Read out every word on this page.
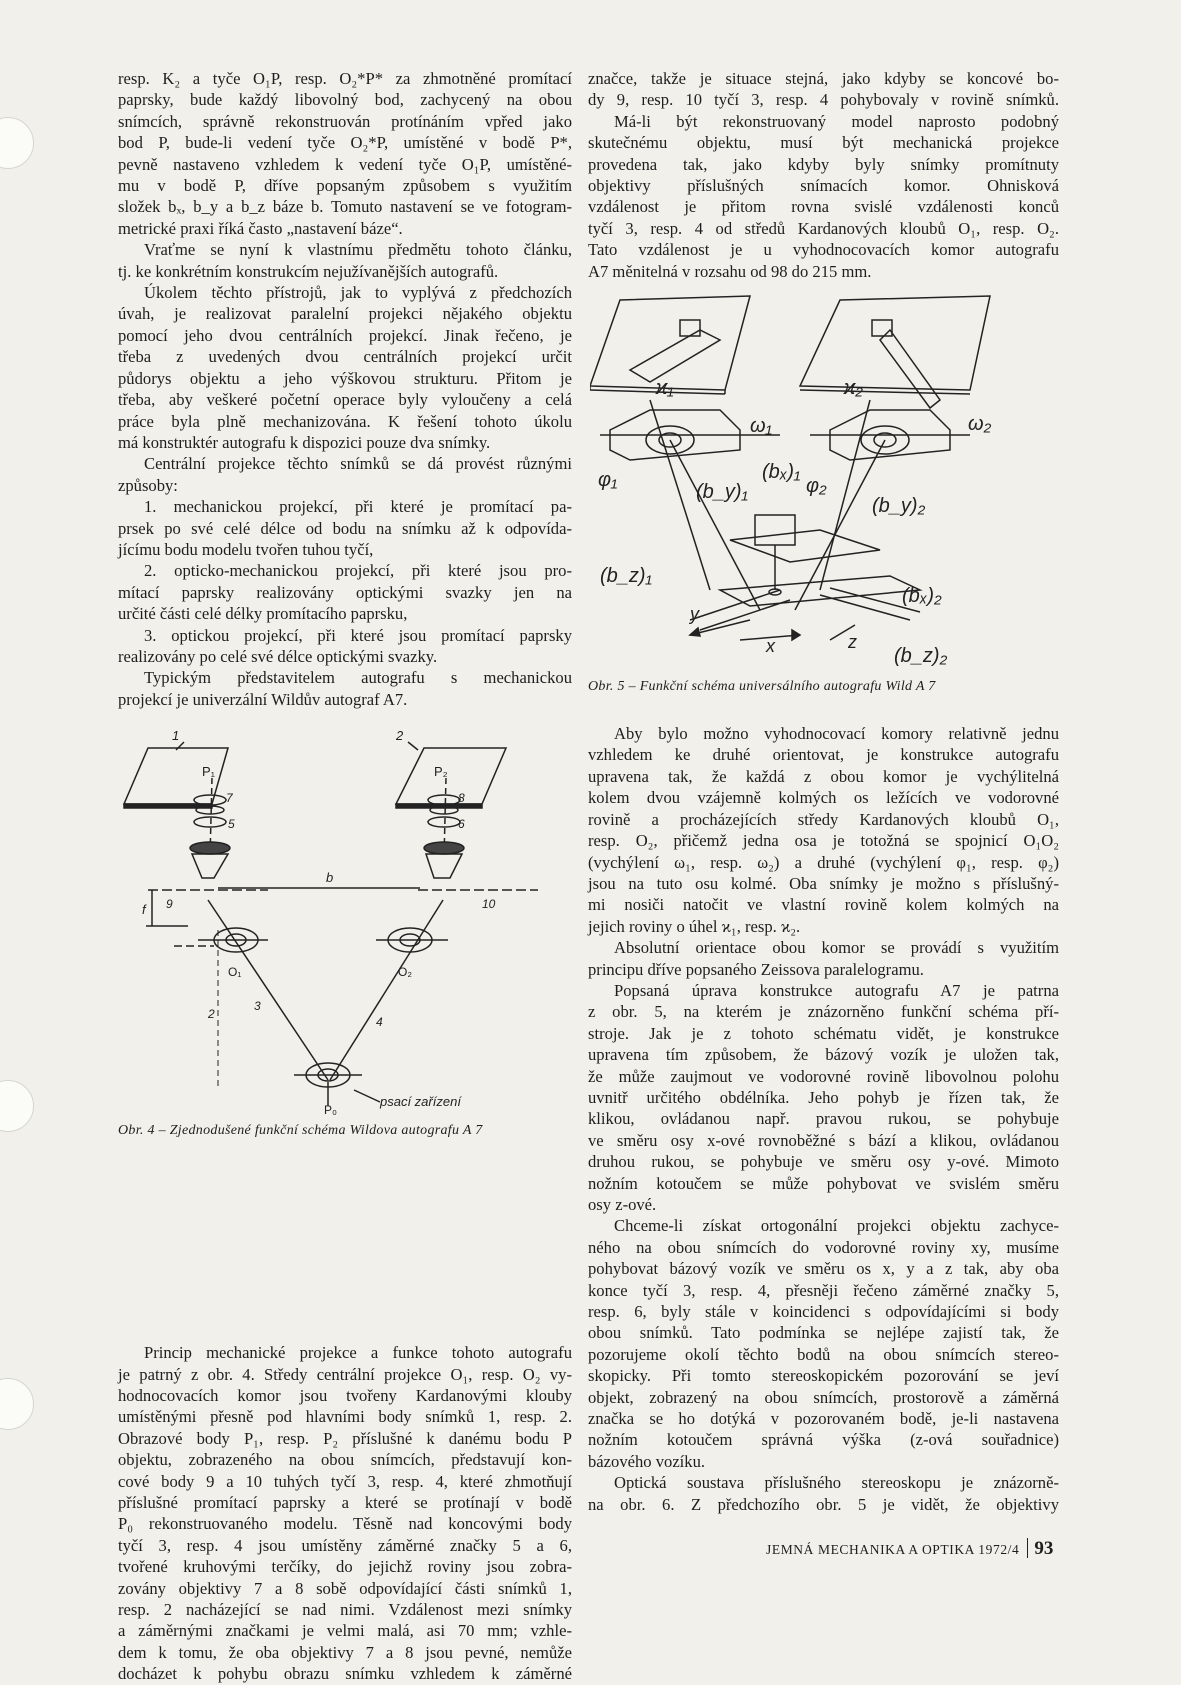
resp. K₂ a tyče O₁P, resp. O₂*P* za zhmotněné promítací
paprsky, bude každý libovolný bod, zachycený na obou
snímcích, správně rekonstruován protínáním vpřed jako
bod P, bude-li vedení tyče O₂*P, umístěné v bodě P*,
pevně nastaveno vzhledem k vedení tyče O₁P, umístěné-
mu v bodě P, dříve popsaným způsobem s využitím
složek bₓ, b_y a b_z báze b. Tomuto nastavení se ve fotogram-
metrické praxi říká často „nastavení báze“.
Vraťme se nyní k vlastnímu předmětu tohoto článku,
tj. ke konkrétním konstrukcím nejužívanějších autografů.
Úkolem těchto přístrojů, jak to vyplývá z předchozích
úvah, je realizovat paralelní projekci nějakého objektu
pomocí jeho dvou centrálních projekcí. Jinak řečeno, je
třeba z uvedených dvou centrálních projekcí určit
půdorys objektu a jeho výškovou strukturu. Přitom je
třeba, aby veškeré početní operace byly vyloučeny a celá
práce byla plně mechanizována. K řešení tohoto úkolu
má konstruktér autografu k dispozici pouze dva snímky.
Centrální projekce těchto snímků se dá provést různými
způsoby:
1. mechanickou projekcí, při které je promítací pa-
prsek po své celé délce od bodu na snímku až k odpovída-
jícímu bodu modelu tvořen tuhou tyčí,
2. opticko-mechanickou projekcí, při které jsou pro-
mítací paprsky realizovány optickými svazky jen na
určité části celé délky promítacího paprsku,
3. optickou projekcí, při které jsou promítací paprsky
realizovány po celé své délce optickými svazky.
Typickým představitelem autografu s mechanickou
projekcí je univerzální Wildův autograf A7.

Princip mechanické projekce a funkce tohoto autografu
je patrný z obr. 4. Středy centrální projekce O₁, resp. O₂ vy-
hodnocovacích komor jsou tvořeny Kardanovými klouby
umístěnými přesně pod hlavními body snímků 1, resp. 2.
Obrazové body P₁, resp. P₂ příslušné k danému bodu P
objektu, zobrazeného na obou snímcích, představují kon-
cové body 9 a 10 tuhých tyčí 3, resp. 4, které zhmotňují
příslušné promítací paprsky a které se protínají v bodě
P₀ rekonstruovaného modelu. Těsně nad koncovými body
tyčí 3, resp. 4 jsou umístěny záměrné značky 5 a 6,
tvořené kruhovými terčíky, do jejichž roviny jsou zobra-
zovány objektivy 7 a 8 sobě odpovídající části snímků 1,
resp. 2 nacházející se nad nimi. Vzdálenost mezi snímky
a záměrnými značkami je velmi malá, asi 70 mm; vzhle-
dem k tomu, že oba objektivy 7 a 8 jsou pevné, nemůže
docházet k pohybu obrazu snímku vzhledem k záměrné

značce, takže je situace stejná, jako kdyby se koncové bo-
dy 9, resp. 10 tyčí 3, resp. 4 pohybovaly v rovině snímků.
Má-li být rekonstruovaný model naprosto podobný
skutečnému objektu, musí být mechanická projekce
provedena tak, jako kdyby byly snímky promítnuty
objektivy příslušných snímacích komor. Ohnisková
vzdálenost je přitom rovna svislé vzdálenosti konců
tyčí 3, resp. 4 od středů Kardanových kloubů O₁, resp. O₂.
Tato vzdálenost je u vyhodnocovacích komor autografu
A7 měnitelná v rozsahu od 98 do 215 mm.

Aby bylo možno vyhodnocovací komory relativně jednu
vzhledem ke druhé orientovat, je konstrukce autografu
upravena tak, že každá z obou komor je vychýlitelná
kolem dvou vzájemně kolmých os ležících ve vodorovné
rovině a procházejících středy Kardanových kloubů O₁,
resp. O₂, přičemž jedna osa je totožná se spojnicí O₁O₂
(vychýlení ω₁, resp. ω₂) a druhé (vychýlení φ₁, resp. φ₂)
jsou na tuto osu kolmé. Oba snímky je možno s příslušný-
mi nosiči natočit ve vlastní rovině kolem kolmých na
jejich roviny o úhel ϰ₁, resp. ϰ₂.
Absolutní orientace obou komor se provádí s využitím
principu dříve popsaného Zeissova paralelogramu.
Popsaná úprava konstrukce autografu A7 je patrna
z obr. 5, na kterém je znázorněno funkční schéma pří-
stroje. Jak je z tohoto schématu vidět, je konstrukce
upravena tím způsobem, že bázový vozík je uložen tak,
že může zaujmout ve vodorovné rovině libovolnou polohu
uvnitř určitého obdélníka. Jeho pohyb je řízen tak, že
klikou, ovládanou např. pravou rukou, se pohybuje
ve směru osy x-ové rovnoběžné s bází a klikou, ovládanou
druhou rukou, se pohybuje ve směru osy y-ové. Mimoto
nožním kotoučem se může pohybovat ve svislém směru
osy z-ové.
Chceme-li získat ortogonální projekci objektu zachyce-
ného na obou snímcích do vodorovné roviny xy, musíme
pohybovat bázový vozík ve směru os x, y a z tak, aby oba
konce tyčí 3, resp. 4, přesněji řečeno záměrné značky 5,
resp. 6, byly stále v koincidenci s odpovídajícími si body
obou snímků. Tato podmínka se nejlépe zajistí tak, že
pozorujeme okolí těchto bodů na obou snímcích stereo-
skopicky. Při tomto stereoskopickém pozorování se jeví
objekt, zobrazený na obou snímcích, prostorově a záměrná
značka se ho dotýká v pozorovaném bodě, je-li nastavena
nožním kotoučem správná výška (z-ová souřadnice)
bázového vozíku.
Optická soustava příslušného stereoskopu je znázorně-
na obr. 6. Z předchozího obr. 5 je vidět, že objektivy

1	2
P₁	P₂
7	8
5	6
f 9	10
b
O₁	O₂
2
3
4
P₀
psací zařízení
Obr. 4 – Zjednodušené funkční schéma Wildova autografu A 7
ϰ₁	ϰ₂
ω₁	ω₂
φ₁	(bₓ)₁
(b_y)₁	φ₂
(b_y)₂
(b_z)₁
(bₓ)₂
(b_z)₂
y
x	z
Obr. 5 – Funkční schéma universálního autografu Wild A 7
JEMNÁ MECHANIKA A OPTIKA 1972/4 93
